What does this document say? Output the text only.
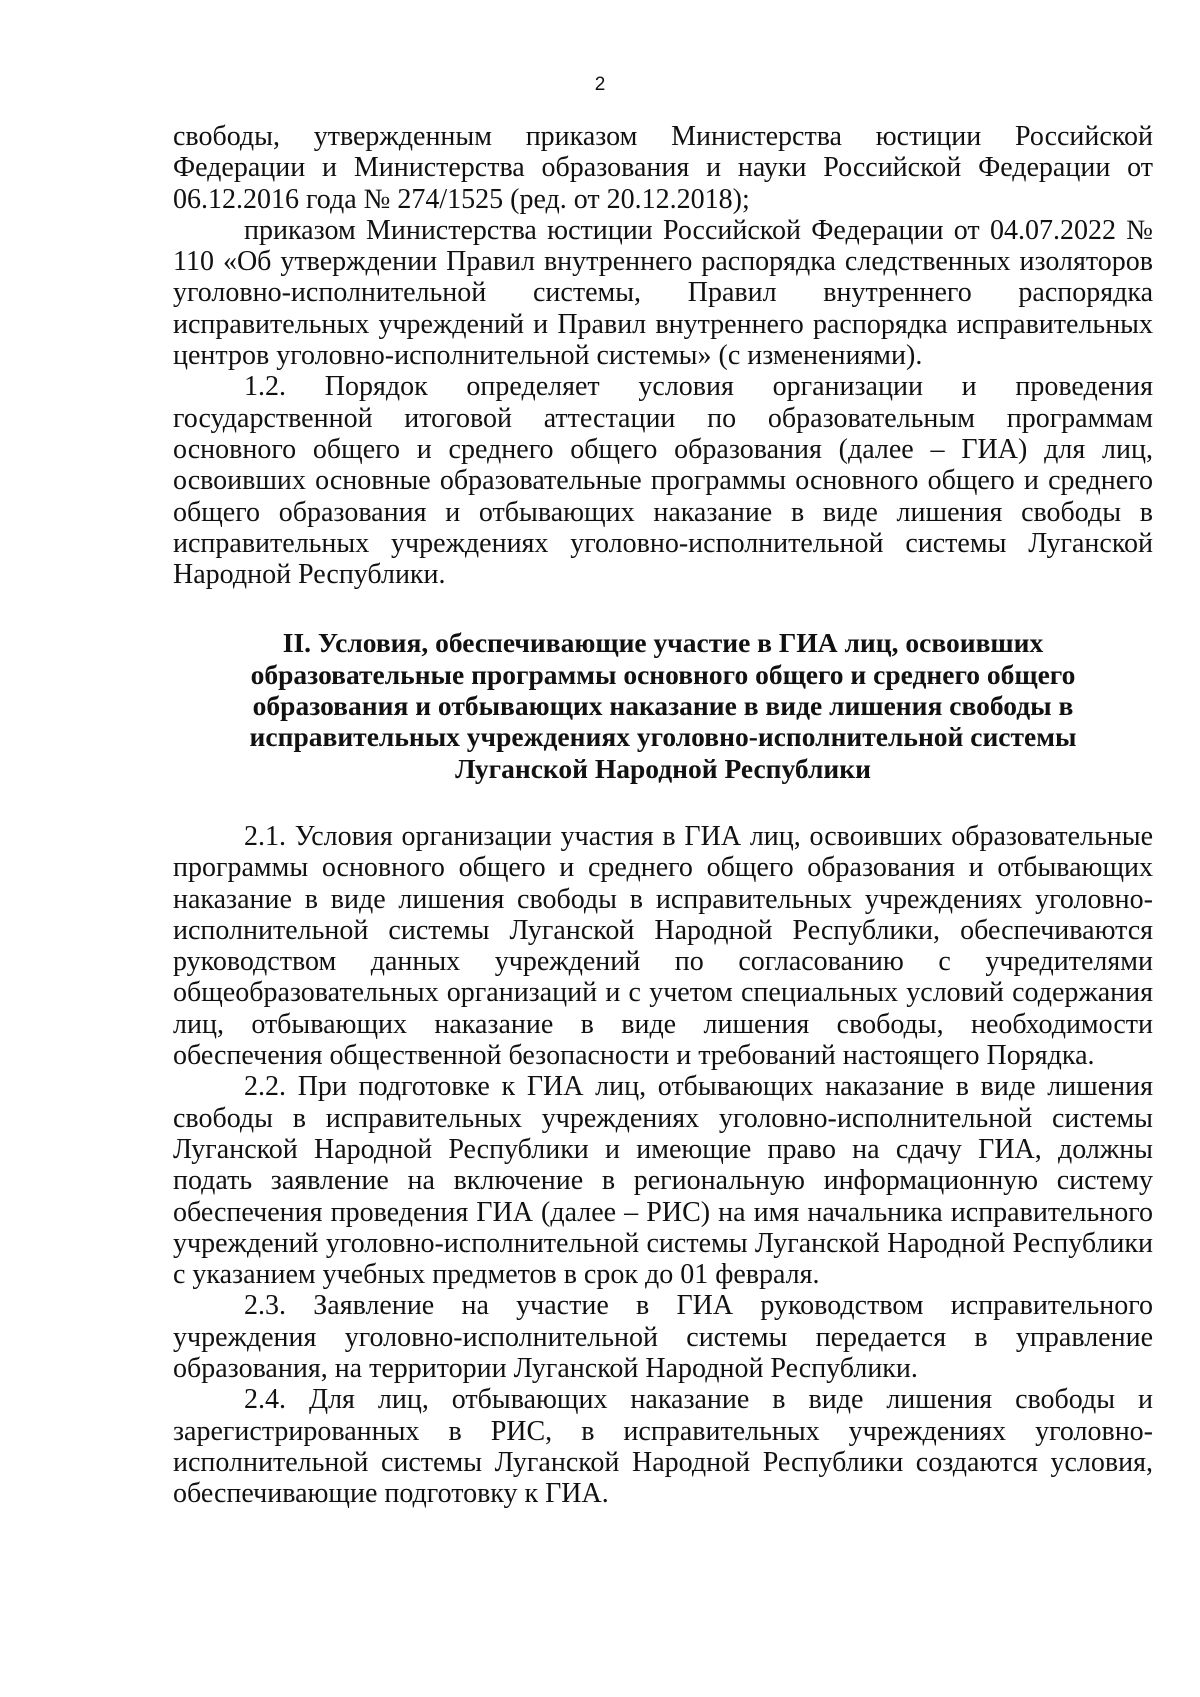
2

свободы, утвержденным приказом Министерства юстиции Российской Федерации и Министерства образования и науки Российской Федерации от 06.12.2016 года № 274/1525 (ред. от 20.12.2018);

приказом Министерства юстиции Российской Федерации от 04.07.2022 № 110 «Об утверждении Правил внутреннего распорядка следственных изоляторов уголовно-исполнительной системы, Правил внутреннего распорядка исправительных учреждений и Правил внутреннего распорядка исправительных центров уголовно-исполнительной системы» (с изменениями).

1.2. Порядок определяет условия организации и проведения государственной итоговой аттестации по образовательным программам основного общего и среднего общего образования (далее – ГИА) для лиц, освоивших основные образовательные программы основного общего и среднего общего образования и отбывающих наказание в виде лишения свободы в исправительных учреждениях уголовно-исполнительной системы Луганской Народной Республики.

II. Условия, обеспечивающие участие в ГИА лиц, освоивших
образовательные программы основного общего и среднего общего
образования и отбывающих наказание в виде лишения свободы в
исправительных учреждениях уголовно-исполнительной системы
Луганской Народной Республики

2.1. Условия организации участия в ГИА лиц, освоивших образовательные программы основного общего и среднего общего образования и отбывающих наказание в виде лишения свободы в исправительных учреждениях уголовно-исполнительной системы Луганской Народной Республики, обеспечиваются руководством данных учреждений по согласованию с учредителями общеобразовательных организаций и с учетом специальных условий содержания лиц, отбывающих наказание в виде лишения свободы, необходимости обеспечения общественной безопасности и требований настоящего Порядка.

2.2. При подготовке к ГИА лиц, отбывающих наказание в виде лишения свободы в исправительных учреждениях уголовно-исполнительной системы Луганской Народной Республики и имеющие право на сдачу ГИА, должны подать заявление на включение в региональную информационную систему обеспечения проведения ГИА (далее – РИС) на имя начальника исправительного учреждений уголовно-исполнительной системы Луганской Народной Республики с указанием учебных предметов в срок до 01 февраля.

2.3. Заявление на участие в ГИА руководством исправительного учреждения уголовно-исполнительной системы передается в управление образования, на территории Луганской Народной Республики.

2.4. Для лиц, отбывающих наказание в виде лишения свободы и зарегистрированных в РИС, в исправительных учреждениях уголовно-исполнительной системы Луганской Народной Республики создаются условия, обеспечивающие подготовку к ГИА.
